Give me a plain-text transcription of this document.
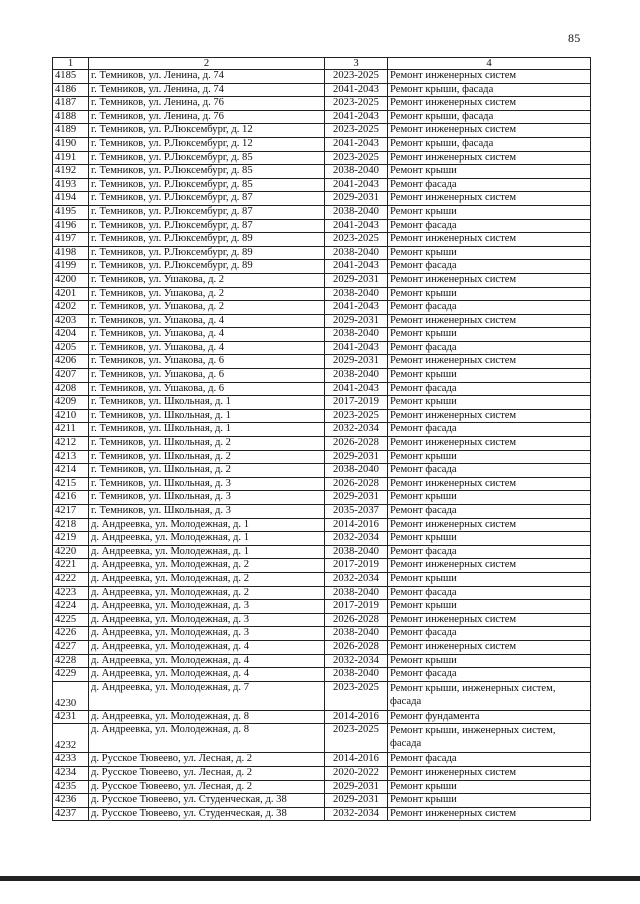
85
1	2	3	4
4185	г. Темников, ул. Ленина, д. 74	2023-2025	Ремонт инженерных систем
4186	г. Темников, ул. Ленина, д. 74	2041-2043	Ремонт крыши, фасада
4187	г. Темников, ул. Ленина, д. 76	2023-2025	Ремонт инженерных систем
4188	г. Темников, ул. Ленина, д. 76	2041-2043	Ремонт крыши, фасада
4189	г. Темников, ул. Р.Люксембург, д. 12	2023-2025	Ремонт инженерных систем
4190	г. Темников, ул. Р.Люксембург, д. 12	2041-2043	Ремонт крыши, фасада
4191	г. Темников, ул. Р.Люксембург, д. 85	2023-2025	Ремонт инженерных систем
4192	г. Темников, ул. Р.Люксембург, д. 85	2038-2040	Ремонт крыши
4193	г. Темников, ул. Р.Люксембург, д. 85	2041-2043	Ремонт фасада
4194	г. Темников, ул. Р.Люксембург, д. 87	2029-2031	Ремонт инженерных систем
4195	г. Темников, ул. Р.Люксембург, д. 87	2038-2040	Ремонт крыши
4196	г. Темников, ул. Р.Люксембург, д. 87	2041-2043	Ремонт фасада
4197	г. Темников, ул. Р.Люксембург, д. 89	2023-2025	Ремонт инженерных систем
4198	г. Темников, ул. Р.Люксембург, д. 89	2038-2040	Ремонт крыши
4199	г. Темников, ул. Р.Люксембург, д. 89	2041-2043	Ремонт фасада
4200	г. Темников, ул. Ушакова, д. 2	2029-2031	Ремонт инженерных систем
4201	г. Темников, ул. Ушакова, д. 2	2038-2040	Ремонт крыши
4202	г. Темников, ул. Ушакова, д. 2	2041-2043	Ремонт фасада
4203	г. Темников, ул. Ушакова, д. 4	2029-2031	Ремонт инженерных систем
4204	г. Темников, ул. Ушакова, д. 4	2038-2040	Ремонт крыши
4205	г. Темников, ул. Ушакова, д. 4	2041-2043	Ремонт фасада
4206	г. Темников, ул. Ушакова, д. 6	2029-2031	Ремонт инженерных систем
4207	г. Темников, ул. Ушакова, д. 6	2038-2040	Ремонт крыши
4208	г. Темников, ул. Ушакова, д. 6	2041-2043	Ремонт фасада
4209	г. Темников, ул. Школьная, д. 1	2017-2019	Ремонт крыши
4210	г. Темников, ул. Школьная, д. 1	2023-2025	Ремонт инженерных систем
4211	г. Темников, ул. Школьная, д. 1	2032-2034	Ремонт фасада
4212	г. Темников, ул. Школьная, д. 2	2026-2028	Ремонт инженерных систем
4213	г. Темников, ул. Школьная, д. 2	2029-2031	Ремонт крыши
4214	г. Темников, ул. Школьная, д. 2	2038-2040	Ремонт фасада
4215	г. Темников, ул. Школьная, д. 3	2026-2028	Ремонт инженерных систем
4216	г. Темников, ул. Школьная, д. 3	2029-2031	Ремонт крыши
4217	г. Темников, ул. Школьная, д. 3	2035-2037	Ремонт фасада
4218	д. Андреевка, ул. Молодежная, д. 1	2014-2016	Ремонт инженерных систем
4219	д. Андреевка, ул. Молодежная, д. 1	2032-2034	Ремонт крыши
4220	д. Андреевка, ул. Молодежная, д. 1	2038-2040	Ремонт фасада
4221	д. Андреевка, ул. Молодежная, д. 2	2017-2019	Ремонт инженерных систем
4222	д. Андреевка, ул. Молодежная, д. 2	2032-2034	Ремонт крыши
4223	д. Андреевка, ул. Молодежная, д. 2	2038-2040	Ремонт фасада
4224	д. Андреевка, ул. Молодежная, д. 3	2017-2019	Ремонт крыши
4225	д. Андреевка, ул. Молодежная, д. 3	2026-2028	Ремонт инженерных систем
4226	д. Андреевка, ул. Молодежная, д. 3	2038-2040	Ремонт фасада
4227	д. Андреевка, ул. Молодежная, д. 4	2026-2028	Ремонт инженерных систем
4228	д. Андреевка, ул. Молодежная, д. 4	2032-2034	Ремонт крыши
4229	д. Андреевка, ул. Молодежная, д. 4	2038-2040	Ремонт фасада
4230	д. Андреевка, ул. Молодежная, д. 7	2023-2025	Ремонт крыши, инженерных систем, фасада
4231	д. Андреевка, ул. Молодежная, д. 8	2014-2016	Ремонт фундамента
4232	д. Андреевка, ул. Молодежная, д. 8	2023-2025	Ремонт крыши, инженерных систем, фасада
4233	д. Русское Тювеево, ул. Лесная, д. 2	2014-2016	Ремонт фасада
4234	д. Русское Тювеево, ул. Лесная, д. 2	2020-2022	Ремонт инженерных систем
4235	д. Русское Тювеево, ул. Лесная, д. 2	2029-2031	Ремонт крыши
4236	д. Русское Тювеево, ул. Студенческая, д. 38	2029-2031	Ремонт крыши
4237	д. Русское Тювеево, ул. Студенческая, д. 38	2032-2034	Ремонт инженерных систем
